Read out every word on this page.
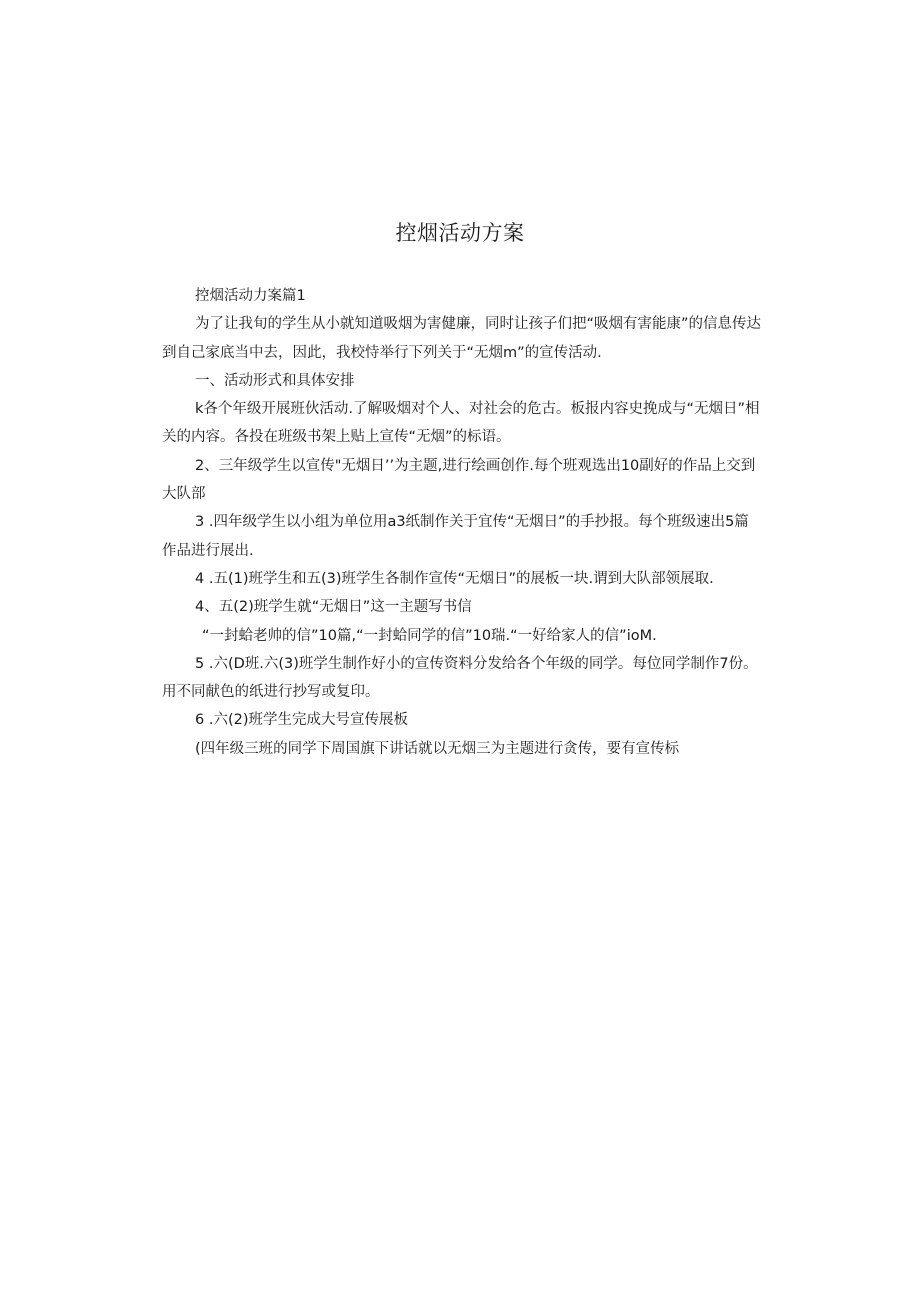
控烟活动方案

控烟活动力案篇1

为了让我旬的学生从小就知道吸烟为害健廉，同时让孩子们把“吸烟有害能康”的信息传达到自己家底当中去，因此，我校恃举行下列关于“无烟m”的宣传活动.

一、活动形式和具体安排

k各个年级开展班伙活动.了解吸烟对个人、对社会的危古。板报内容史挽成与“无烟日”相关的内容。各投在班级书架上贴上宣传“无烟”的标语。

2、三年级学生以宣传"无烟日’’为主题,进行绘画创作.每个班观选出10副好的作品上交到大队部

3 .四年级学生以小组为单位用a3纸制作关于宜传“无烟日”的手抄报。每个班级速出5篇作品进行展出.

4 .五(1)班学生和五(3)班学生各制作宣传“无烟日”的展板一块.谓到大队部领展取.

4、五(2)班学生就“无烟日”这一主题写书信

“一封蛤老帅的信”10篇,“一封蛤同学的信”10瑞.“一好给家人的信”ioM.

5 .六(D班.六(3)班学生制作好小的宣传资料分发给各个年级的同学。每位同学制作7份。用不同献色的纸进行抄写或复印。

6 .六(2)班学生完成大号宣传展板

(四年级三班的同学下周国旗下讲话就以无烟三为主题进行贪传，要有宣传标
